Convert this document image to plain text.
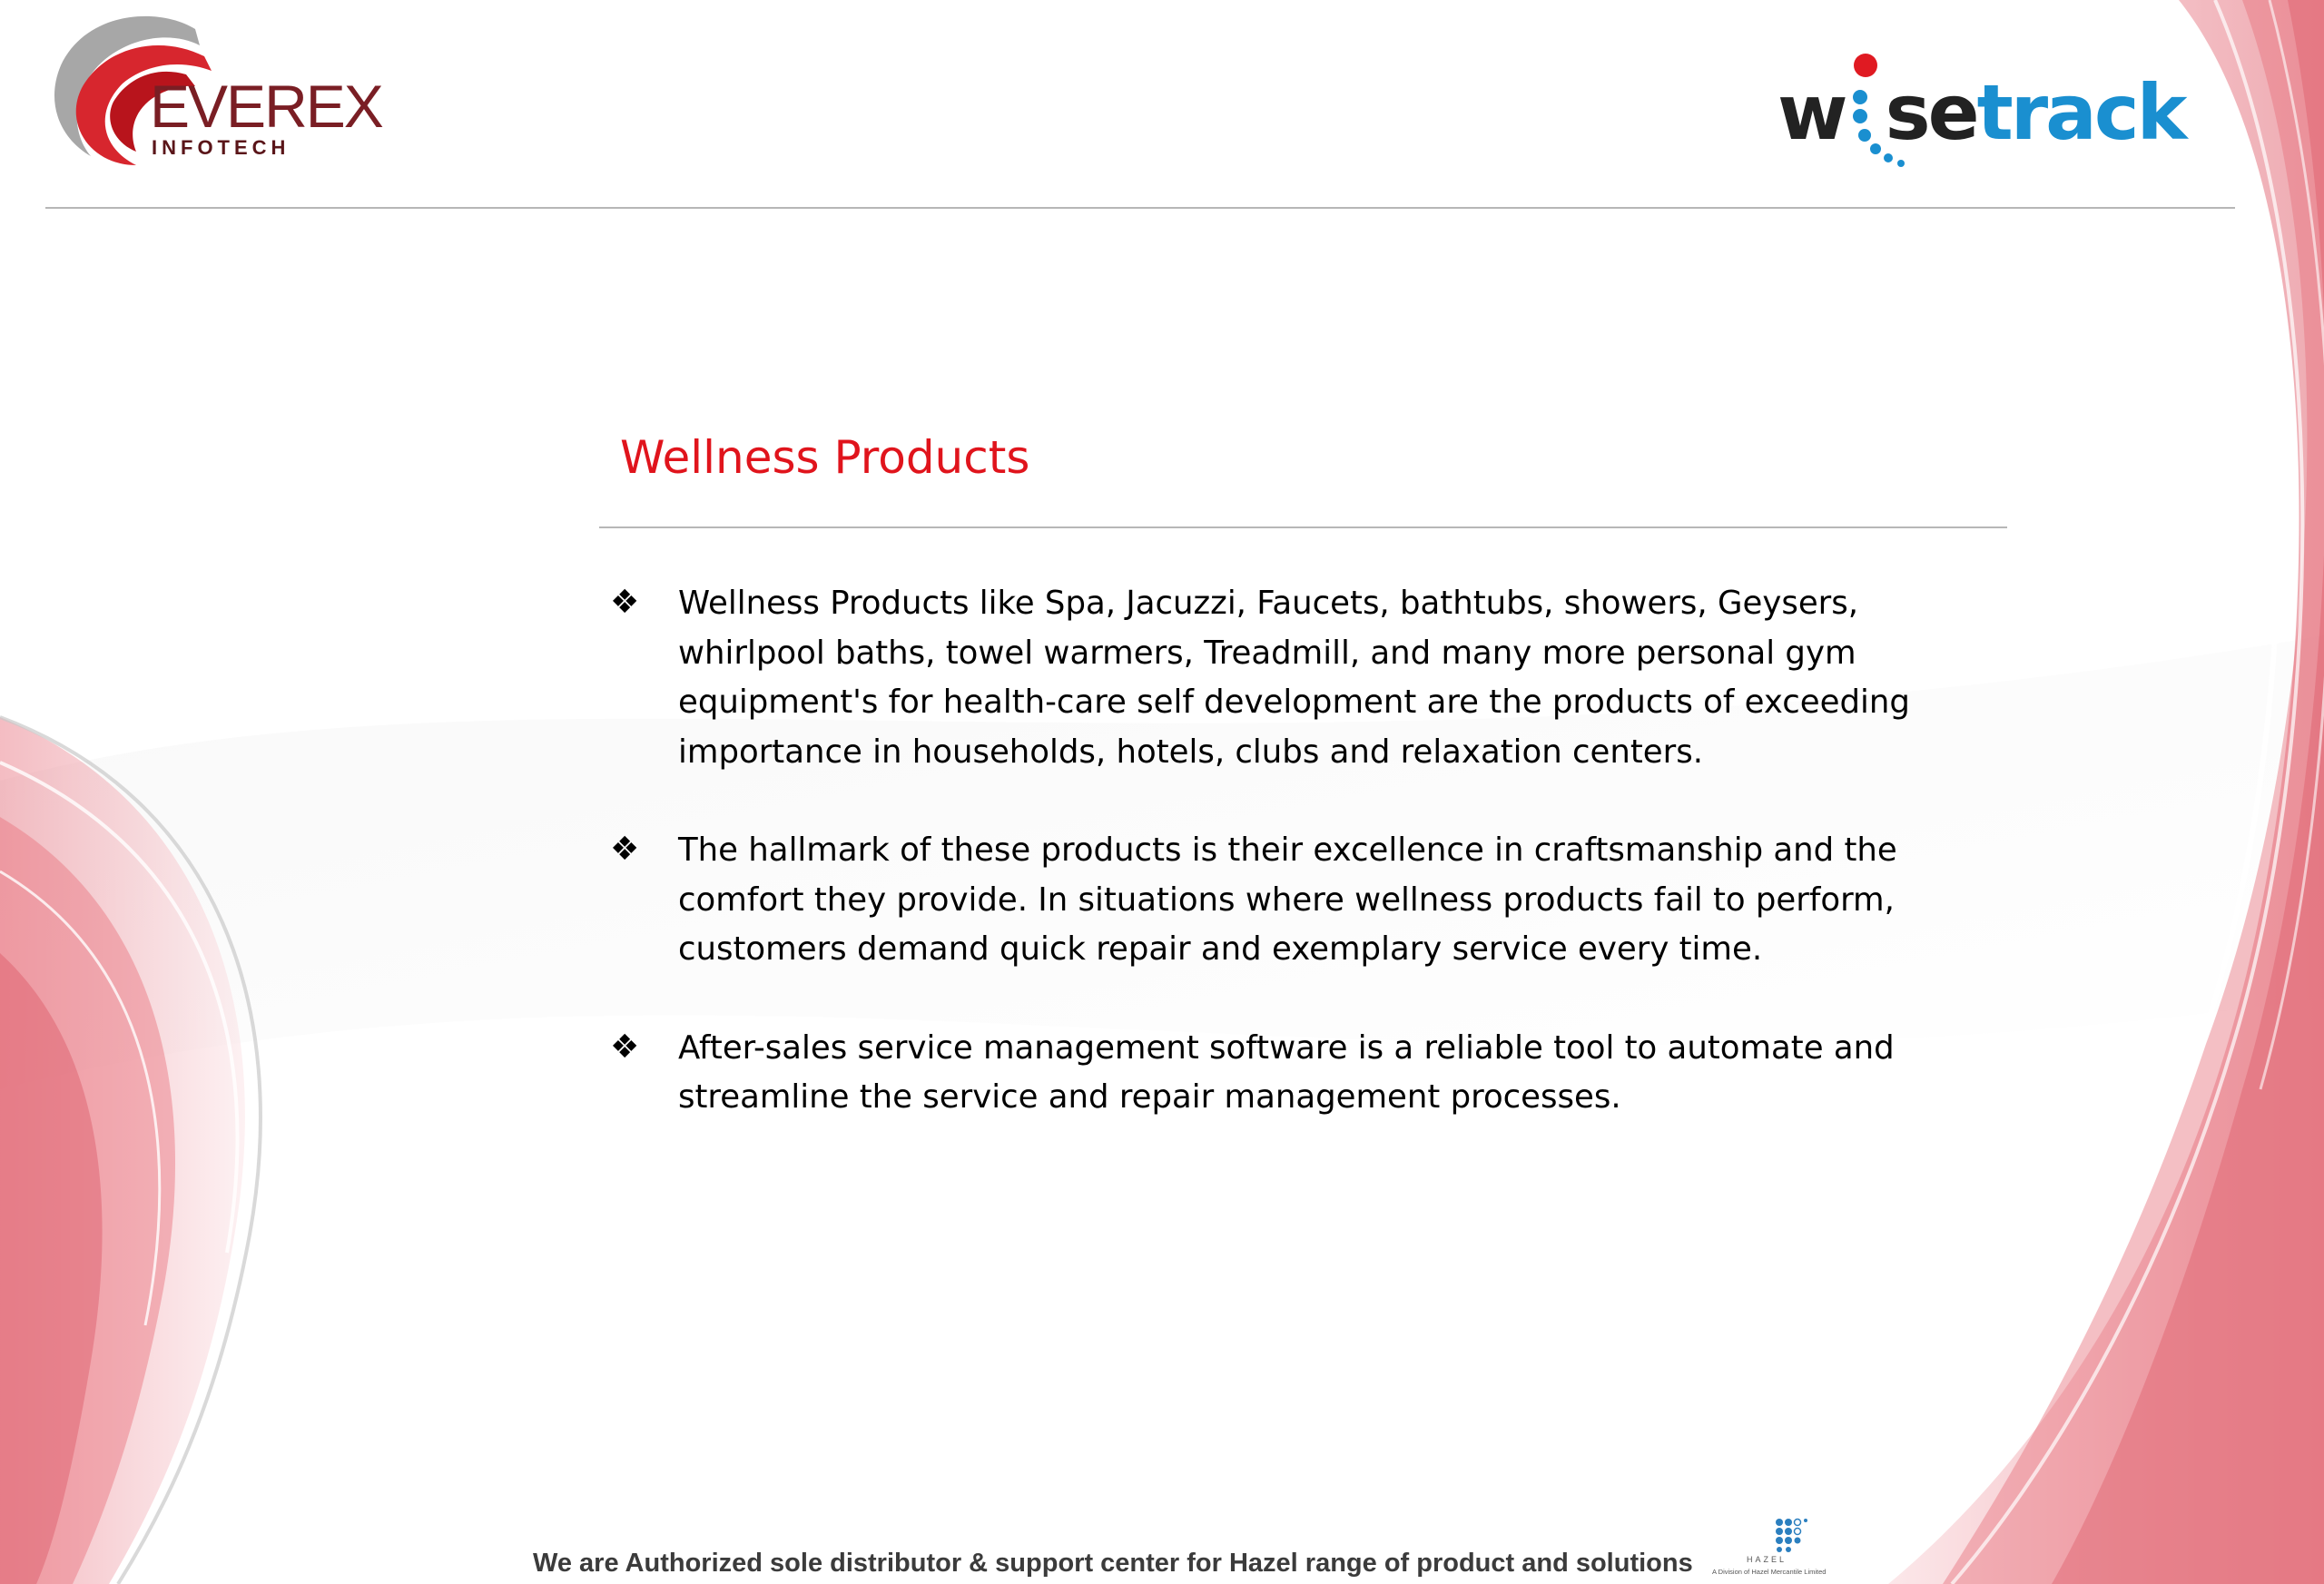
EVEREX
INFOTECH	w setrack
Wellness Products
❖ Wellness Products like Spa, Jacuzzi, Faucets, bathtubs, showers, Geysers, whirlpool baths, towel warmers, Treadmill, and many more personal gym equipment's for health-care self development are the products of exceeding importance in households, hotels, clubs and relaxation centers.
❖ The hallmark of these products is their excellence in craftsmanship and the comfort they provide. In situations where wellness products fail to perform, customers demand quick repair and exemplary service every time.
❖ After-sales service management software is a reliable tool to automate and streamline the service and repair management processes.
We are Authorized sole distributor & support center for Hazel range of product and solutions	HAZEL
A Division of Hazel Mercantile Limited
